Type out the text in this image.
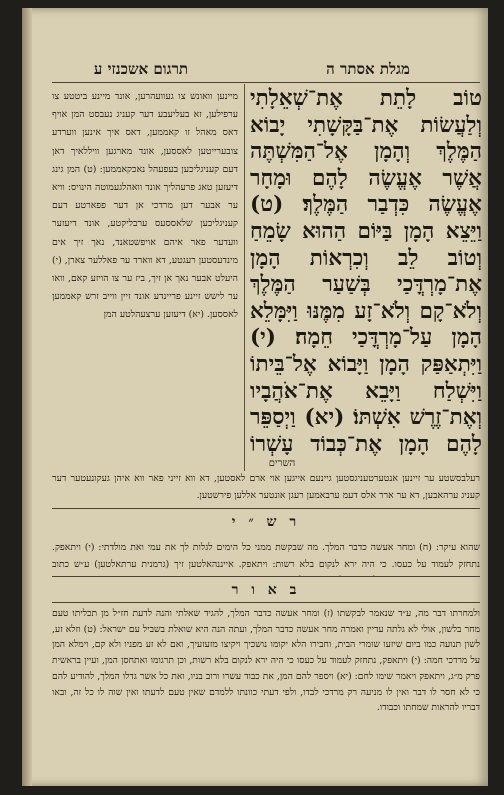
תרגום אשכנזי ע	מגלת אסתר ה
מיינען וואונש צו געוועהרען, אונד מיינע ביטטע צו ערפילען, זא בעליעבע דער קעניג נעבסט המן אויף דאס מאהל זו קאממען, דאס איך אינען ווערדע צובערייטען לאססען, אונד מארגען וויללאיך דאן דעם קעניגליכען בעפעהל נאכקאממען: (ט) המן גינג דיעזען טאג פרעהליך אונד וואהלגעמוטה הינויס: וויא ער אבער דען מרדכי אן דער פפארטע דעם קעניגליכען שלאססעס ערבליקטע, אונד דיעזער וועדער פאר איהם אויפשטאנד, נאך זיך אים מינדעסטען רעגטע, דא ווארד ער פאללער צארן, (י) היעלט אבער נאך אן זיך, ביז ער צו הויזע קאם, וואו ער לישש זיינע פריינדע אונד זיין ווייב זרש קאממען לאססען. (יא) דיעזען ערצעהלטע המן
טוֹב לָתֵת אֶת־שְׁאֵלָתִי וְלַעֲשׂוֹת אֶת־בַּקָּשָׁתִי יָבוֹא הַמֶּלֶךְ וְהָמָן אֶל־הַמִּשְׁתֶּה אֲשֶׁר אֶעֱשֶׂה לָהֶם וּמָחָר אֶעֱשֶׂה כִּדְבַר הַמֶּלֶךְ׃ (ט) וַיֵּצֵא הָמָן בַּיּוֹם הַהוּא שָׂמֵחַ וְטוֹב לֵב וְכִרְאוֹת הָמָן אֶת־מָרְדֳּכַי בְּשַׁעַר הַמֶּלֶךְ וְלֹא־קָם וְלֹא־זָע מִמֶּנּוּ וַיִּמָּלֵא הָמָן עַל־מָרְדֳּכַי חֵמָה׃ (י) וַיִּתְאַפַּק הָמָן וַיָּבוֹא אֶל־בֵּיתוֹ וַיִּשְׁלַח וַיָּבֵא אֶת־אֹהֲבָיו וְאֶת־זֶרֶשׁ אִשְׁתּוֹ׃ (יא) וַיְסַפֵּר לָהֶם הָמָן אֶת־כְּבוֹד עָשְׁרוֹ
השרים
רעלבסשטע ער זיינען אנטערטעניגסטען גיינעם אייגען אוי ארם לאסטען, דא ווא זייני פאר ווא איהן געקונעטער דער קעניג ערהאבען, דא ער ארר אלס דעמ ערבאמען רעגן אונטער אללען פירשטען.
ר ש ״ י
שהוא עיקר: (ח) ומחר אעשה כדבר המלך. מה שבקשת ממני כל הימים לגלות לך את עמי ואת מולדתי: (י) ויתאפק. נתחזק לעמוד על כעסו. כי היה ירא לנקום בלא רשות: ויתאפק. אייננהאלטען זיך (גרמנית ערתאלטען) ע״ש כתוב
ב א ו ר
ולמחרתו דבר מה, ע״ד שנאמר לבקשתו (ז) ומחר אעשה כדבר המלך, להגיד שאלתי והנה לדעת חז״ל מן תכליתו טעם מחר בלשון, אולי לא גלתה עדיין ואמרה מחר אעשה כדבר המלך, ועתה הנה היא שואלת בשביל עם ישראל: (ט) וזלא זע, לשון תנועה כמו ביום שיזעו שומרי הבית, וחבירו הלא יקומו נושכיך ויקיצו מזעזעיך, ואם לא זע מפניו ולא קם, וימלא המן על מרדכי חמה: (י) ויתאפק, נתחזק לעמוד על כעסו כי היה ירא לנקום בלא רשות, וכן תרגומו ואתחסן המן, ועיין בראשית פרק מ״ג, ויתאפק ויאמר שימו לחם: (יא) ויספר להם המן, את כבוד עשרו ורוב בניו, ואת כל אשר גדלו המלך, להודיע להם כי לא חסר לו דבר ואין לו מניעה רק מרדכי לבדו, ולפי דעתי כוונתו ללמדם שאין טעם לדעתו ואין שוה לו כל זה, ובאו דבריו להראות שמחתו וכבודו.
